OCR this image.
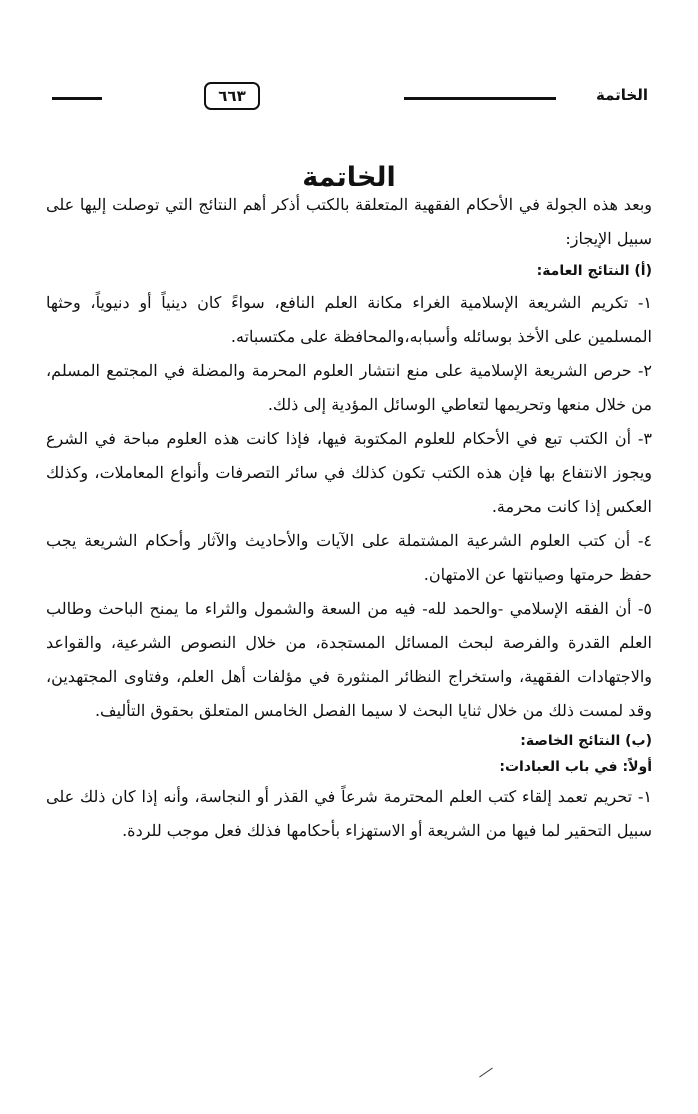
الخاتمة
٦٦٣
الخاتمة

وبعد هذه الجولة في الأحكام الفقهية المتعلقة بالكتب أذكر أهم النتائج التي توصلت إليها على سبيل الإيجاز:

(أ) النتائج العامة:

١- تكريم الشريعة الإسلامية الغراء مكانة العلم النافع، سواءً كان دينياً أو دنيوياً، وحثها المسلمين على الأخذ بوسائله وأسبابه،والمحافظة على مكتسباته.

٢- حرص الشريعة الإسلامية على منع انتشار العلوم المحرمة والمضلة في المجتمع المسلم، من خلال منعها وتحريمها لتعاطي الوسائل المؤدية إلى ذلك.

٣- أن الكتب تبع في الأحكام للعلوم المكتوبة فيها، فإذا كانت هذه العلوم مباحة في الشرع ويجوز الانتفاع بها فإن هذه الكتب تكون كذلك في سائر التصرفات وأنواع المعاملات، وكذلك العكس إذا كانت محرمة.

٤- أن كتب العلوم الشرعية المشتملة على الآيات والأحاديث والآثار وأحكام الشريعة يجب حفظ حرمتها وصيانتها عن الامتهان.

٥- أن الفقه الإسلامي -والحمد لله- فيه من السعة والشمول والثراء ما يمنح الباحث وطالب العلم القدرة والفرصة لبحث المسائل المستجدة، من خلال النصوص الشرعية، والقواعد والاجتهادات الفقهية، واستخراج النظائر المنثورة في مؤلفات أهل العلم، وفتاوى المجتهدين، وقد لمست ذلك من خلال ثنايا البحث لا سيما الفصل الخامس المتعلق بحقوق التأليف.

(ب) النتائج الخاصة:
أولاً: في باب العبادات:

١- تحريم تعمد إلقاء كتب العلم المحترمة شرعاً في القذر أو النجاسة، وأنه إذا كان ذلك على سبيل التحقير لما فيها من الشريعة أو الاستهزاء بأحكامها فذلك فعل موجب للردة.
